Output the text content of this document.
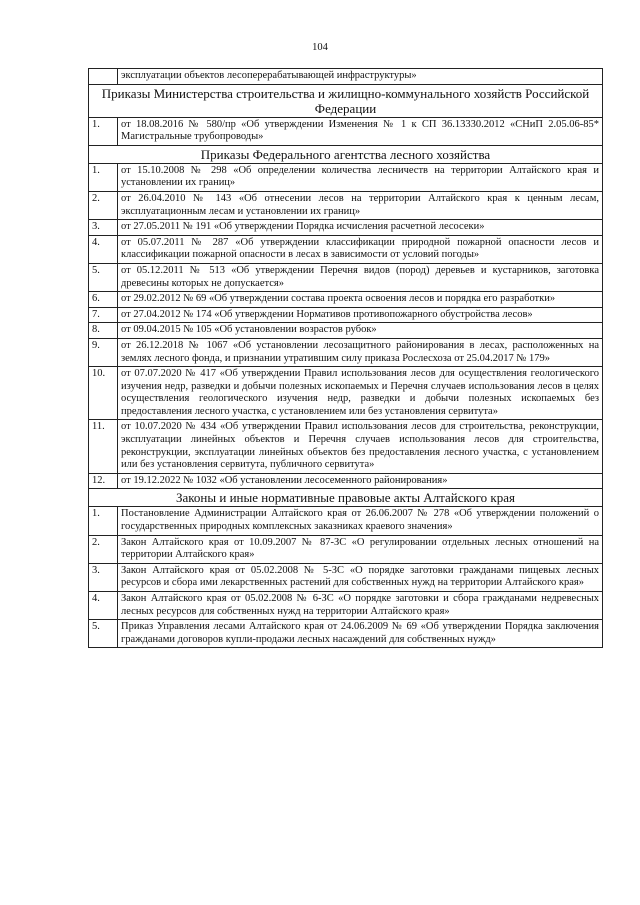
104
	эксплуатации объектов лесоперерабатывающей инфраструктуры»
Приказы Министерства строительства и жилищно-коммунального хозяйств Российской Федерации	
1.	от 18.08.2016 № 580/пр «Об утверждении Изменения № 1 к СП 36.13330.2012 «СНиП 2.05.06-85* Магистральные трубопроводы»
Приказы Федерального агентства лесного хозяйства	
1.	от 15.10.2008 № 298 «Об определении количества лесничеств на территории Алтайского края и установлении их границ»
2.	от 26.04.2010 № 143 «Об отнесении лесов на территории Алтайского края к ценным лесам, эксплуатационным лесам и установлении их границ»
3.	от 27.05.2011 № 191 «Об утверждении Порядка исчисления расчетной лесосеки»
4.	от 05.07.2011 № 287 «Об утверждении классификации природной пожарной опасности лесов и классификации пожарной опасности в лесах в зависимости от условий погоды»
5.	от 05.12.2011 № 513 «Об утверждении Перечня видов (пород) деревьев и кустарников, заготовка древесины которых не допускается»
6.	от 29.02.2012 № 69 «Об утверждении состава проекта освоения лесов и порядка его разработки»
7.	от 27.04.2012 № 174 «Об утверждении Нормативов противопожарного обустройства лесов»
8.	от 09.04.2015 № 105 «Об установлении возрастов рубок»
9.	от 26.12.2018 № 1067 «Об установлении лесозащитного районирования в лесах, расположенных на землях лесного фонда, и признании утратившим силу приказа Рослесхоза от 25.04.2017 № 179»
10.	от 07.07.2020 № 417 «Об утверждении Правил использования лесов для осуществления геологического изучения недр, разведки и добычи полезных ископаемых и Перечня случаев использования лесов в целях осуществления геологического изучения недр, разведки и добычи полезных ископаемых без предоставления лесного участка, с установлением или без установления сервитута»
11.	от 10.07.2020 № 434 «Об утверждении Правил использования лесов для строительства, реконструкции, эксплуатации линейных объектов и Перечня случаев использования лесов для строительства, реконструкции, эксплуатации линейных объектов без предоставления лесного участка, с установлением или без установления сервитута, публичного сервитута»
12.	от 19.12.2022 № 1032 «Об установлении лесосеменного районирования»
Законы и иные нормативные правовые акты Алтайского края	
1.	Постановление Администрации Алтайского края от 26.06.2007 № 278 «Об утверждении положений о государственных природных комплексных заказниках краевого значения»
2.	Закон Алтайского края от 10.09.2007 № 87-ЗС «О регулировании отдельных лесных отношений на территории Алтайского края»
3.	Закон Алтайского края от 05.02.2008 № 5-ЗС «О порядке заготовки гражданами пищевых лесных ресурсов и сбора ими лекарственных растений для собственных нужд на территории Алтайского края»
4.	Закон Алтайского края от 05.02.2008 № 6-ЗС «О порядке заготовки и сбора гражданами недревесных лесных ресурсов для собственных нужд на территории Алтайского края»
5.	Приказ Управления лесами Алтайского края от 24.06.2009 № 69 «Об утверждении Порядка заключения гражданами договоров купли-продажи лесных насаждений для собственных нужд»
